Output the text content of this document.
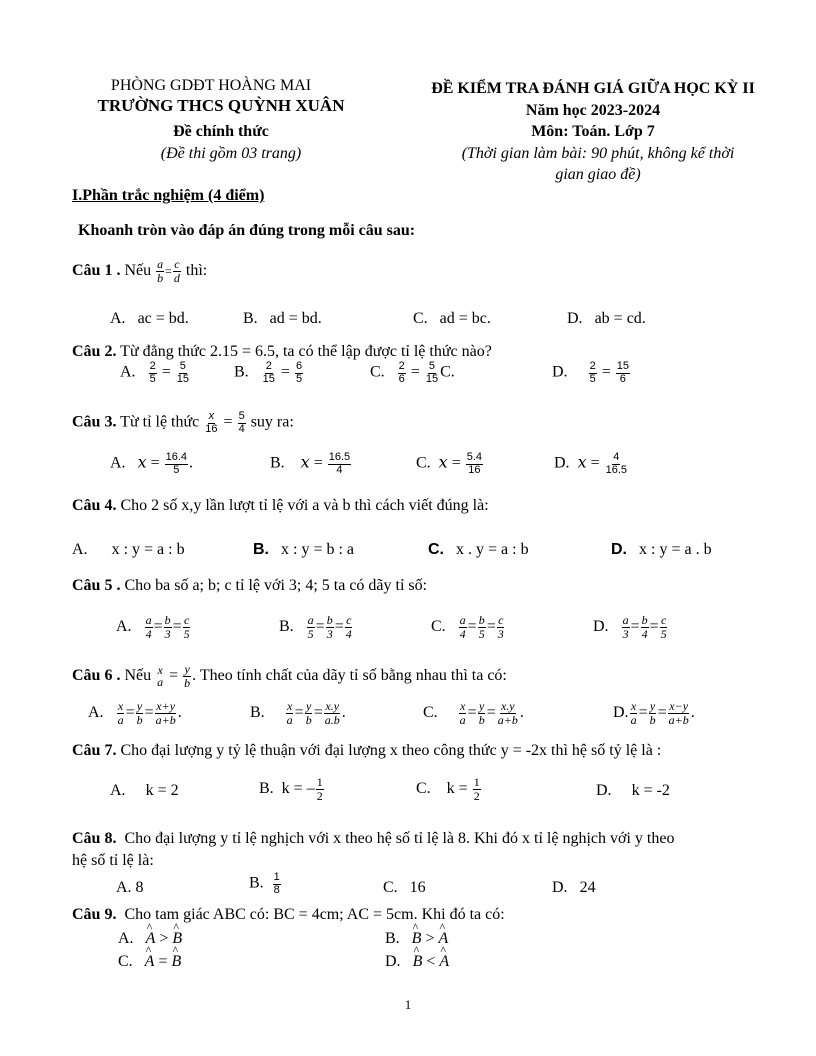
PHÒNG GDĐT HOÀNG MAI
TRƯỜNG THCS QUỲNH XUÂN
Đề chính thức
(Đề thi gồm 03 trang)
ĐỀ KIỂM TRA ĐÁNH GIÁ GIỮA HỌC KỲ II
Năm học 2023-2024
Môn: Toán. Lớp 7
(Thời gian làm bài: 90 phút, không kể thời
gian giao đề)
I.Phần trắc nghiệm (4 điểm)
Khoanh tròn vào đáp án đúng trong mỗi câu sau:
Câu 1 . Nếu $\frac{a}{b} = \frac{c}{d}$ thì:
A. ac = bd.	B. ad = bd.	C. ad = bc.	D. ab = cd.
Câu 2. Từ đẳng thức 2.15 = 6.5, ta có thể lập được tỉ lệ thức nào?
A. $\frac{2}{5} = \frac{5}{15}$	B. $\frac{2}{15} = \frac{6}{5}$	C. $\frac{2}{6} = \frac{5}{15} C$.	D. $\frac{2}{5} = \frac{15}{6}$
Câu 3. Từ tỉ lệ thức $\frac{x}{16} = \frac{5}{4}$ suy ra:
A. $x = \frac{16.4}{5}$ .	B. $x = \frac{16.5}{4}$	C. $x = \frac{5.4}{16}$	D. $x = \frac{4}{16.5}$
Câu 4. Cho 2 số x,y lần lượt tỉ lệ với a và b thì cách viết đúng là:
A. x : y = a : b	B. x : y = b : a	C. x . y = a : b	D. x : y = a . b
Câu 5 . Cho ba số a; b; c tỉ lệ với 3; 4; 5 ta có dãy tỉ số:
A. $\frac{a}{4} = \frac{b}{3} = \frac{c}{5}$	B. $\frac{a}{5} = \frac{b}{3} = \frac{c}{4}$	C. $\frac{a}{4} = \frac{b}{5} = \frac{c}{3}$	D. $\frac{a}{3} = \frac{b}{4} = \frac{c}{5}$
Câu 6 . Nếu x
$a = \frac{y}{b}$ . Theo tính chất của dãy tỉ số bằng nhau thì ta có:
A. $\frac{x}{a} = \frac{y}{b} = \frac{x+y}{a+b}$ .	B. $\frac{x}{a} = \frac{y}{b} = \frac{x.y}{a.b}$ .	C. $\frac{x}{a} = \frac{y}{b} = \frac{x.y}{a+b}$ .	D. $\frac{x}{a} = \frac{y}{b} = \frac{x-y}{a+b}$ .
Câu 7. Cho đại lượng y tỷ lệ thuận với đại lượng x theo công thức y = -2x thì hệ số tỷ lệ là :
A. k = 2	B. k = – $\frac{1}{2}$	C. $k = \frac{1}{2}$	D. k = -2
Câu 8. Cho đại lượng y tỉ lệ nghịch với x theo hệ số tỉ lệ là 8. Khi đó x tỉ lệ nghịch với y theo
hệ số tỉ lệ là:
A. 8	B. $\frac{1}{8}$	C. 16	D. 24
Câu 9. Cho tam giác ABC có: BC = 4cm; AC = 5cm. Khi đó ta có:
A. ^ A > ^ B	B. ^ B > ^ A
C. ^ A = ^ B	D. ^ B < ^ A
1
